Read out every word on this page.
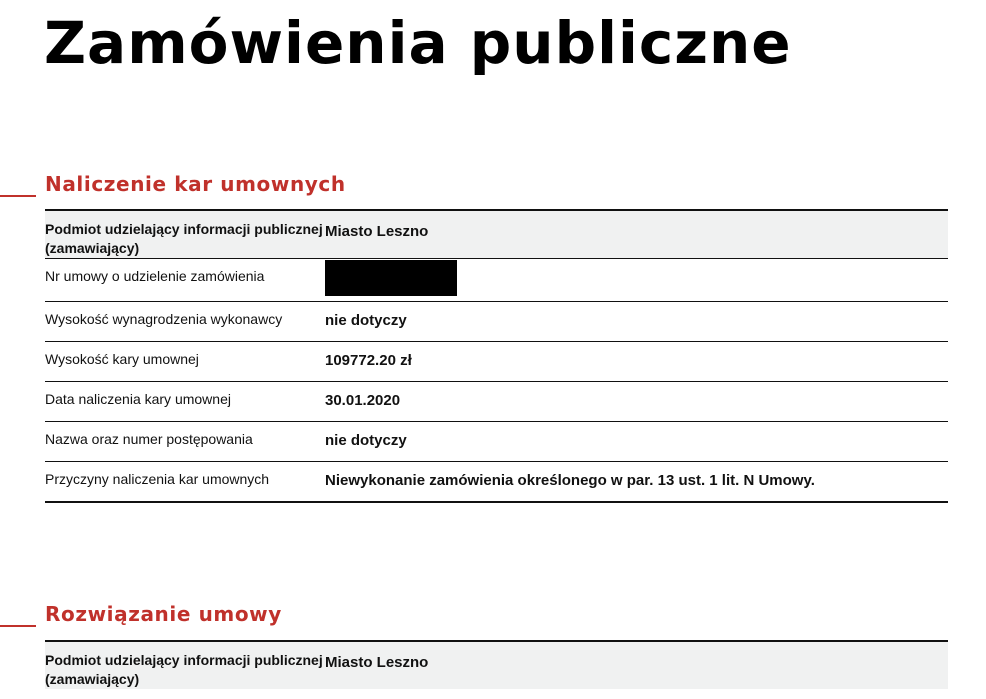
Zamówienia publiczne
Naliczenie kar umownych
Podmiot udzielający informacji publicznej (zamawiający)	Miasto Leszno
Nr umowy o udzielenie zamówienia	
Wysokość wynagrodzenia wykonawcy	nie dotyczy
Wysokość kary umownej	109772.20 zł
Data naliczenia kary umownej	30.01.2020
Nazwa oraz numer postępowania	nie dotyczy
Przyczyny naliczenia kar umownych	Niewykonanie zamówienia określonego w par. 13 ust. 1 lit. N Umowy.
Rozwiązanie umowy
Podmiot udzielający informacji publicznej (zamawiający)	Miasto Leszno
